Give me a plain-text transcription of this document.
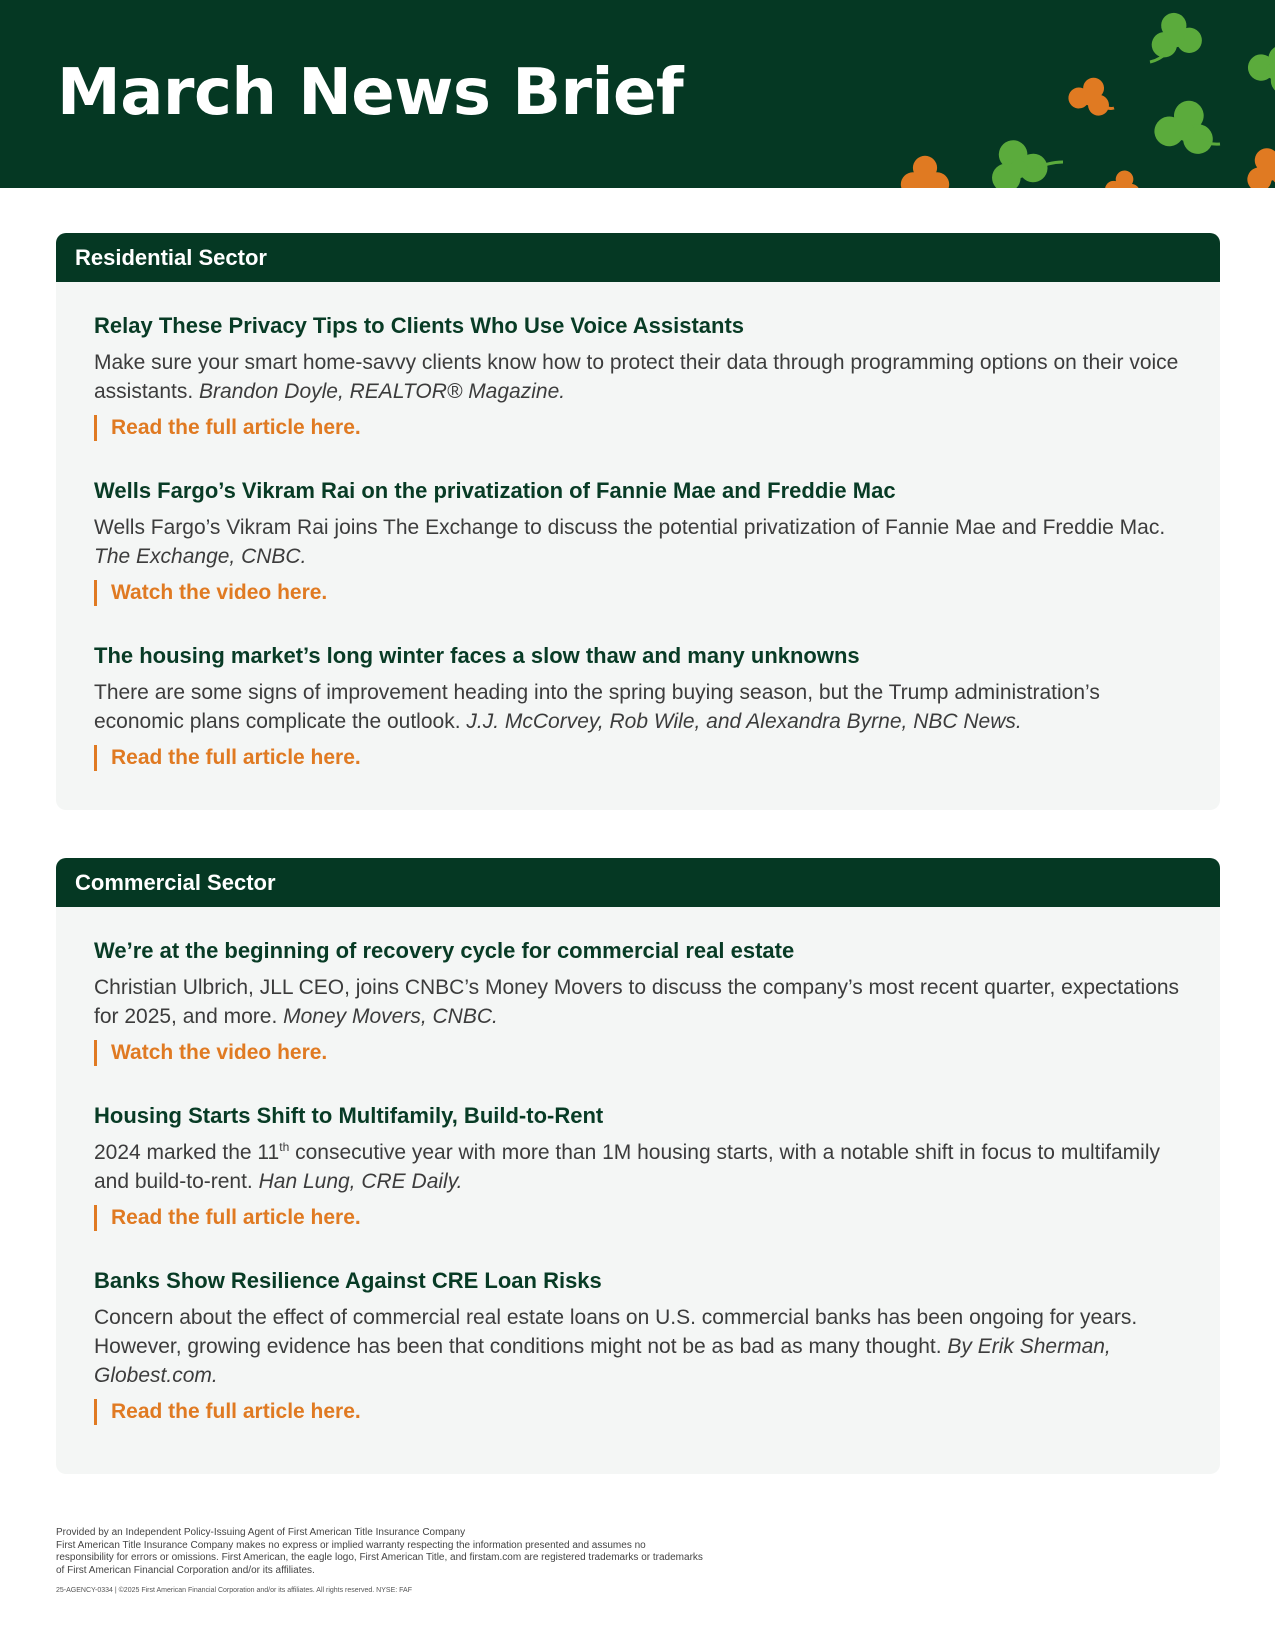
March News Brief
Residential Sector
Relay These Privacy Tips to Clients Who Use Voice Assistants
Make sure your smart home-savvy clients know how to protect their data through programming options on their voice assistants. Brandon Doyle, REALTOR® Magazine.
Read the full article here.
Wells Fargo’s Vikram Rai on the privatization of Fannie Mae and Freddie Mac
Wells Fargo’s Vikram Rai joins The Exchange to discuss the potential privatization of Fannie Mae and Freddie Mac. The Exchange, CNBC.
Watch the video here.
The housing market’s long winter faces a slow thaw and many unknowns
There are some signs of improvement heading into the spring buying season, but the Trump administration’s economic plans complicate the outlook. J.J. McCorvey, Rob Wile, and Alexandra Byrne, NBC News.
Read the full article here.
Commercial Sector
We’re at the beginning of recovery cycle for commercial real estate
Christian Ulbrich, JLL CEO, joins CNBC’s Money Movers to discuss the company’s most recent quarter, expectations for 2025, and more. Money Movers, CNBC.
Watch the video here.
Housing Starts Shift to Multifamily, Build-to-Rent
2024 marked the 11th consecutive year with more than 1M housing starts, with a notable shift in focus to multifamily and build-to-rent. Han Lung, CRE Daily.
Read the full article here.
Banks Show Resilience Against CRE Loan Risks
Concern about the effect of commercial real estate loans on U.S. commercial banks has been ongoing for years. However, growing evidence has been that conditions might not be as bad as many thought. By Erik Sherman, Globest.com.
Read the full article here.
Provided by an Independent Policy-Issuing Agent of First American Title Insurance Company
First American Title Insurance Company makes no express or implied warranty respecting the information presented and assumes no responsibility for errors or omissions. First American, the eagle logo, First American Title, and firstam.com are registered trademarks or trademarks of First American Financial Corporation and/or its affiliates.
25-AGENCY-0334 | ©2025 First American Financial Corporation and/or its affiliates. All rights reserved. NYSE: FAF
